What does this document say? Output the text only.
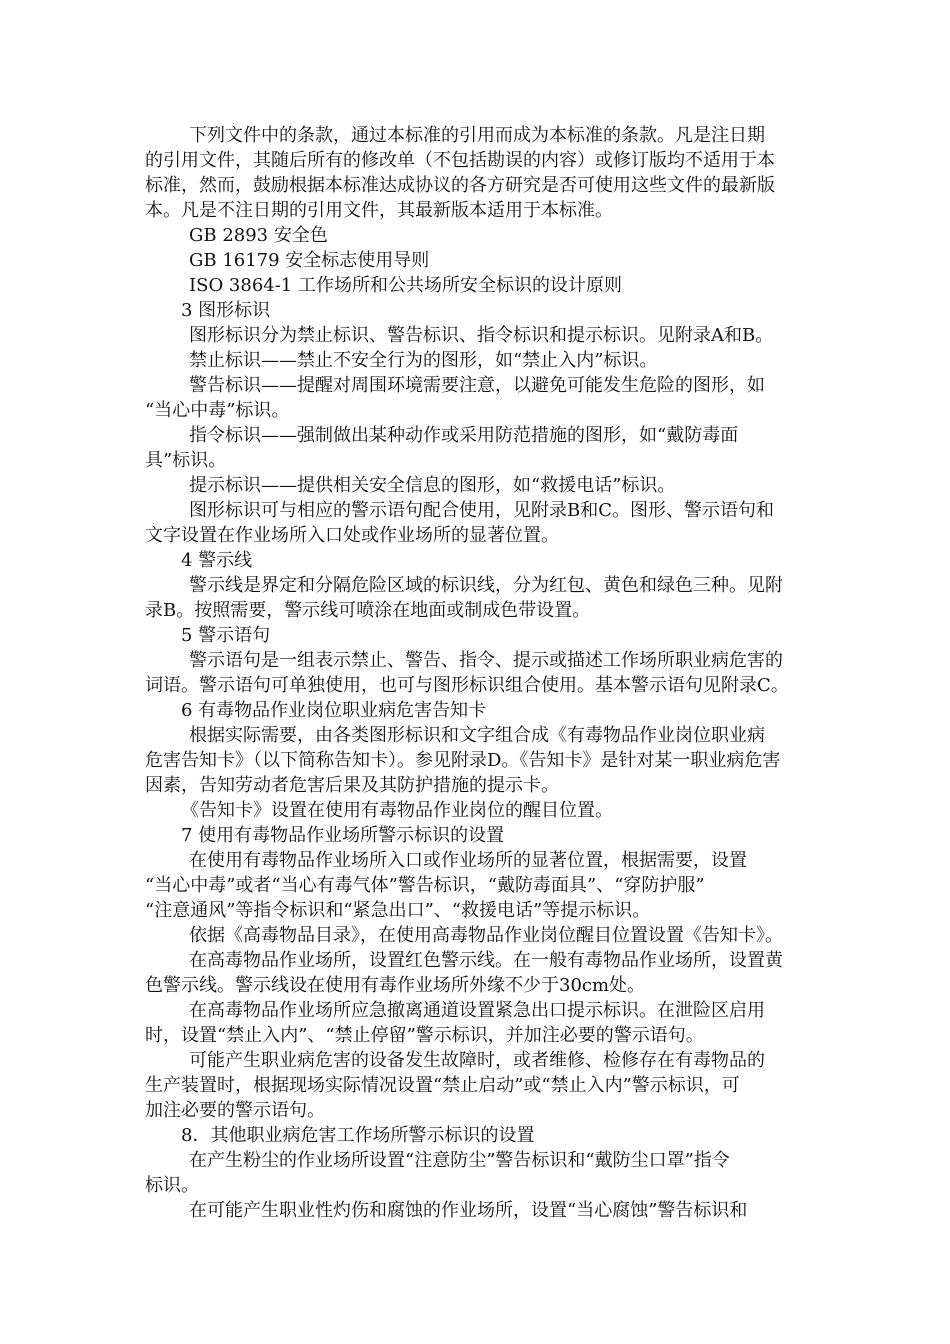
下列文件中的条款，通过本标准的引用而成为本标准的条款。凡是注日期
的引用文件，其随后所有的修改单（不包括勘误的内容）或修订版均不适用于本
标准，然而，鼓励根据本标准达成协议的各方研究是否可使用这些文件的最新版
本。凡是不注日期的引用文件，其最新版本适用于本标准。
GB 2893 安全色
GB 16179 安全标志使用导则
ISO 3864-1 工作场所和公共场所安全标识的设计原则
3 图形标识
图形标识分为禁止标识、警告标识、指令标识和提示标识。见附录A和B。
禁止标识——禁止不安全行为的图形，如“禁止入内”标识。
警告标识——提醒对周围环境需要注意，以避免可能发生危险的图形，如
“当心中毒”标识。
指令标识——强制做出某种动作或采用防范措施的图形，如“戴防毒面
具”标识。
提示标识——提供相关安全信息的图形，如“救援电话”标识。
图形标识可与相应的警示语句配合使用，见附录B和C。图形、警示语句和
文字设置在作业场所入口处或作业场所的显著位置。
4 警示线
警示线是界定和分隔危险区域的标识线，分为红包、黄色和绿色三种。见附
录B。按照需要，警示线可喷涂在地面或制成色带设置。
5 警示语句
警示语句是一组表示禁止、警告、指令、提示或描述工作场所职业病危害的
词语。警示语句可单独使用，也可与图形标识组合使用。基本警示语句见附录C。
6 有毒物品作业岗位职业病危害告知卡
根据实际需要，由各类图形标识和文字组合成《有毒物品作业岗位职业病
危害告知卡》（以下简称告知卡）。参见附录D。《告知卡》是针对某一职业病危害
因素，告知劳动者危害后果及其防护措施的提示卡。
《告知卡》设置在使用有毒物品作业岗位的醒目位置。
7 使用有毒物品作业场所警示标识的设置
在使用有毒物品作业场所入口或作业场所的显著位置，根据需要，设置
“当心中毒”或者“当心有毒气体”警告标识，“戴防毒面具”、“穿防护服”
“注意通风”等指令标识和“紧急出口”、“救援电话”等提示标识。
依据《高毒物品目录》，在使用高毒物品作业岗位醒目位置设置《告知卡》。
在高毒物品作业场所，设置红色警示线。在一般有毒物品作业场所，设置黄
色警示线。警示线设在使用有毒作业场所外缘不少于30cm处。
在高毒物品作业场所应急撤离通道设置紧急出口提示标识。在泄险区启用
时，设置“禁止入内”、“禁止停留”警示标识，并加注必要的警示语句。
可能产生职业病危害的设备发生故障时，或者维修、检修存在有毒物品的
生产装置时，根据现场实际情况设置“禁止启动”或“禁止入内”警示标识，可
加注必要的警示语句。
8．其他职业病危害工作场所警示标识的设置
在产生粉尘的作业场所设置“注意防尘”警告标识和“戴防尘口罩”指令
标识。
在可能产生职业性灼伤和腐蚀的作业场所，设置“当心腐蚀”警告标识和
